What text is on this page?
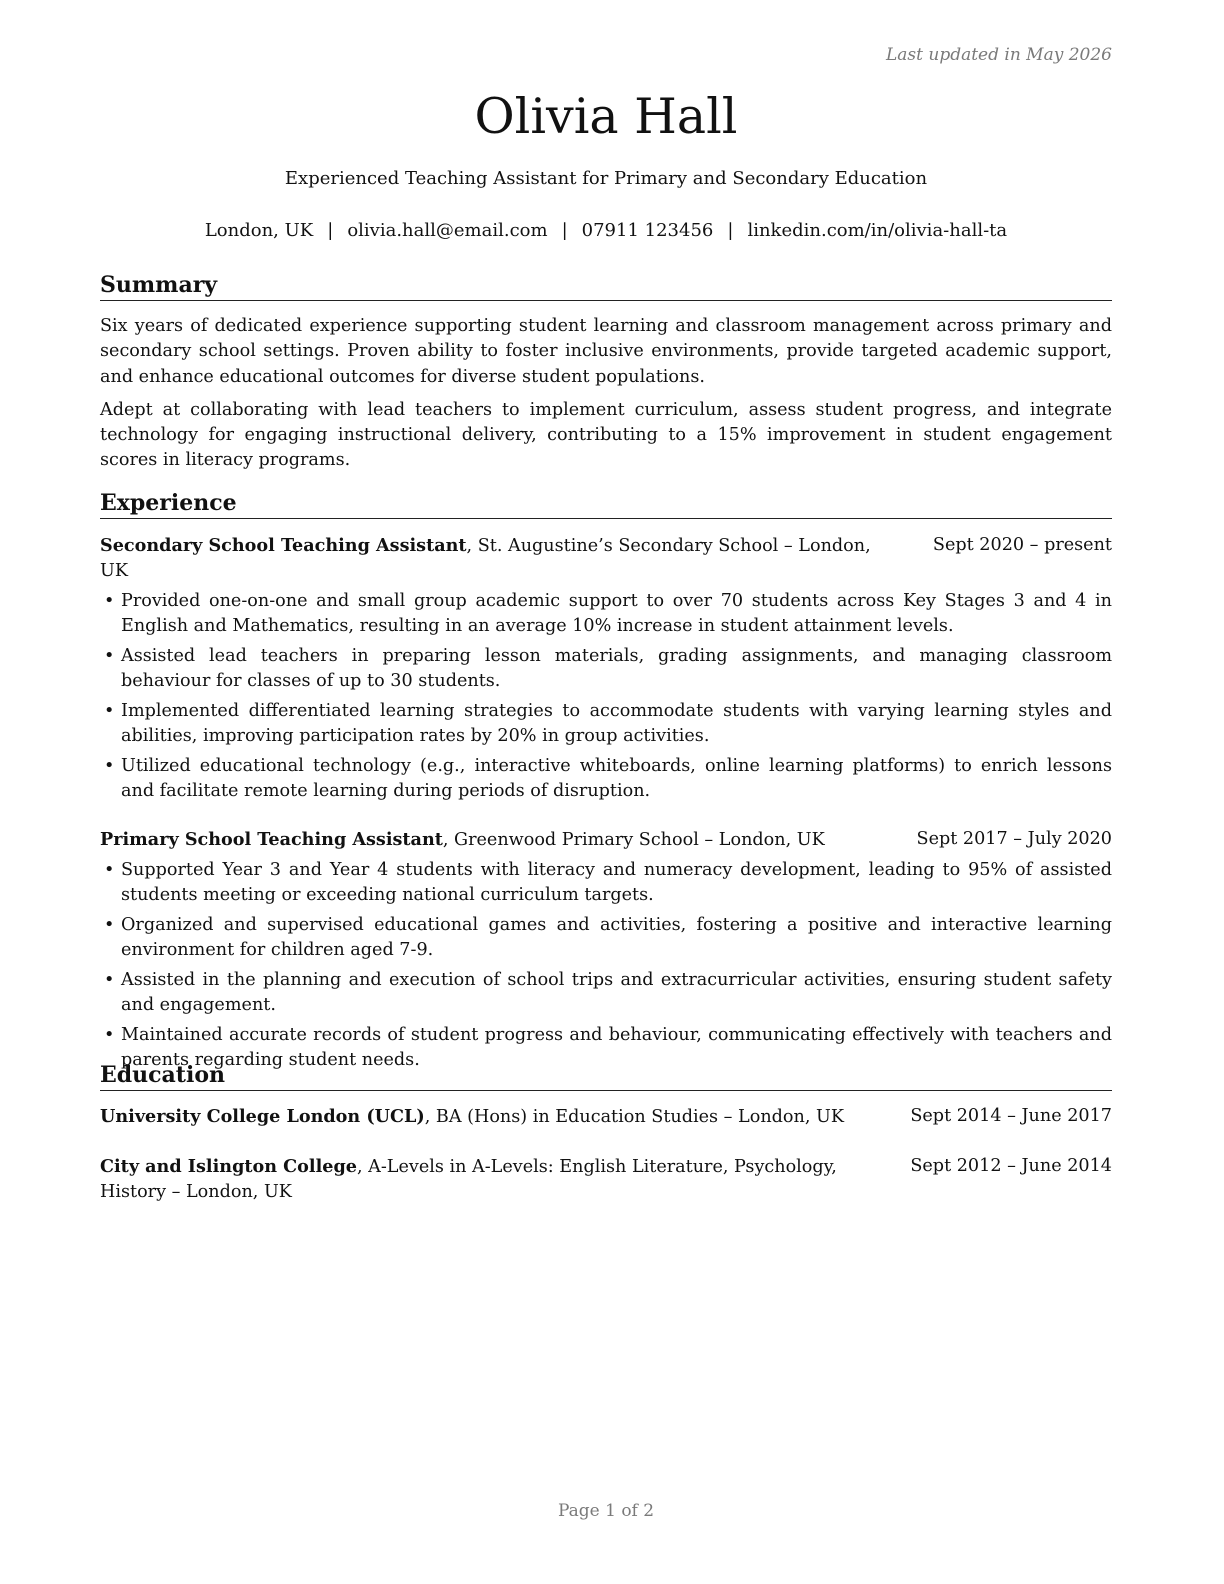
Last updated in May 2026

Olivia Hall

Experienced Teaching Assistant for Primary and Secondary Education

London, UK | olivia.hall@email.com | 07911 123456 | linkedin.com/in/olivia-hall-ta

Summary

Six years of dedicated experience supporting student learning and classroom management across primary and secondary school settings. Proven ability to foster inclusive environments, provide targeted academic support, and enhance educational outcomes for diverse student populations.

Adept at collaborating with lead teachers to implement curriculum, assess student progress, and integrate technology for engaging instructional delivery, contributing to a 15% improvement in student engagement scores in literacy programs.

Experience
Secondary School Teaching Assistant, St. Augustine’s Secondary School – London, UK
Sept 2020 – present
• Provided one-on-one and small group academic support to over 70 students across Key Stages 3 and 4 in English and Mathematics, resulting in an average 10% increase in student attainment levels.
• Assisted lead teachers in preparing lesson materials, grading assignments, and managing classroom behaviour for classes of up to 30 students.
• Implemented differentiated learning strategies to accommodate students with varying learning styles and abilities, improving participation rates by 20% in group activities.
• Utilized educational technology (e.g., interactive whiteboards, online learning platforms) to enrich lessons and facilitate remote learning during periods of disruption.
Primary School Teaching Assistant, Greenwood Primary School – London, UK	Sept 2017 – July 2020
• Supported Year 3 and Year 4 students with literacy and numeracy development, leading to 95% of assisted students meeting or exceeding national curriculum targets.
• Organized and supervised educational games and activities, fostering a positive and interactive learning environment for children aged 7-9.
• Assisted in the planning and execution of school trips and extracurricular activities, ensuring student safety and engagement.
• Maintained accurate records of student progress and behaviour, communicating effectively with teachers and parents regarding student needs.
Education
University College London (UCL), BA (Hons) in Education Studies – London, UK	Sept 2014 – June 2017
City and Islington College, A-Levels in A-Levels: English Literature, Psychology, History – London, UK
Sept 2012 – June 2014

Page 1 of 2
